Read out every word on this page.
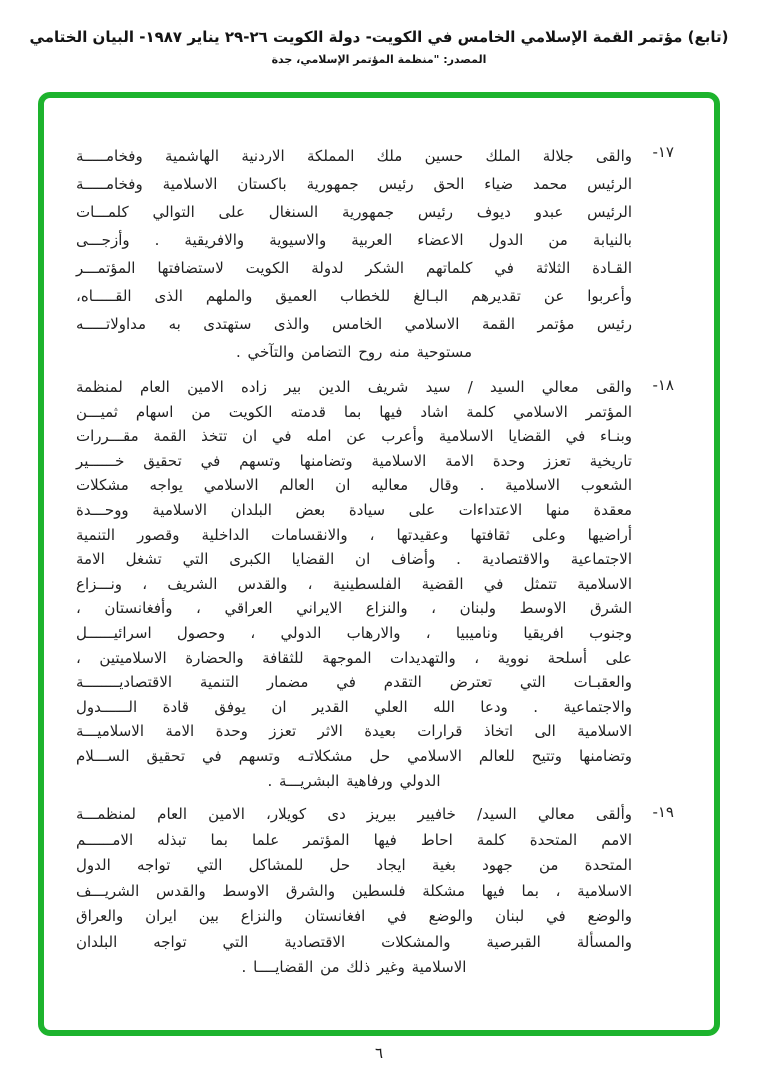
(تابع) مؤتمر القمة الإسلامي الخامس في الكويت- دولة الكويت ٢٦-٢٩ يناير ١٩٨٧- البيان الختامي
المصدر: "منظمة المؤتمر الإسلامي، جدة
١٧-
والقى جلالة الملك حسين ملك المملكة الاردنية الهاشمية وفخامـــــة
الرئيس محمد ضياء الحق رئيس جمهورية باكستان الاسلامية وفخامـــــة
الرئيس عبدو ديوف رئيس جمهورية السنغال على التوالي كلمـــات
بالنيابة من الدول الاعضاء العربية والاسيوية والافريقية . وأزجـــى
القـادة الثلاثة في كلماتهم الشكر لدولة الكويت لاستضافتها المؤتمـــر
وأعربوا عن تقديرهم البـالغ للخطاب العميق والملهم الذى القـــــاه،
رئيس مؤتمر القمة الاسلامي الخامس والذى ستهتدى به مداولاتـــــه
مستوحية منه روح التضامن والتآخي .
١٨-
والقى معالي السيد / سيد شريف الدين بير زاده الامين العام لمنظمة
المؤتمر الاسلامي كلمة اشاد فيها بما قدمته الكويت من اسهام ثميـــن
وبنـاء في القضايا الاسلامية وأعرب عن امله في ان تتخذ القمة مقـــررات
تاريخية تعزز وحدة الامة الاسلامية وتضامنها وتسهم في تحقيق خــــــير
الشعوب الاسلامية . وقال معاليه ان العالم الاسلامي يواجه مشكلات
معقدة منها الاعتداءات على سيادة بعض البلدان الاسلامية ووحـــدة
أراضيها وعلى ثقافتها وعقيدتها ، والانقسامات الداخلية وقصور التنمية
الاجتماعية والاقتصادية . وأضاف ان القضايا الكبرى التي تشغل الامة
الاسلامية تتمثل في القضية الفلسطينية ، والقدس الشريف ، ونـــزاع
الشرق الاوسط ولبنان ، والنزاع الايراني العراقي ، وأفغانستان ،
وجنوب افريقيا وناميبيا ، والارهاب الدولي ، وحصول اسرائيــــــل
على أسلحة نووية ، والتهديدات الموجهة للثقافة والحضارة الاسلاميتين ،
والعقبـات التي تعترض التقدم في مضمار التنمية الاقتصاديــــــــة
والاجتماعية . ودعا الله العلي القدير ان يوفق قادة الــــــدول
الاسلامية الى اتخاذ قرارات بعيدة الاثر تعزز وحدة الامة الاسلاميـــة
وتضامنها وتتيح للعالم الاسلامي حل مشكلاتـه وتسهم في تحقيق الســـلام
الدولي ورفاهية البشريـــة .
١٩-
وألقى معالي السيد/ خافيير بيريز دى كويلار، الامين العام لمنظمـــة
الامم المتحدة كلمة احاط فيها المؤتمر علما بما تبذله الامــــــم
المتحدة من جهود بغية ايجاد حل للمشاكل التي تواجه الدول
الاسلامية ، بما فيها مشكلة فلسطين والشرق الاوسط والقدس الشريـــف
والوضع في لبنان والوضع في افغانستان والنزاع بين ايران والعراق
والمسألة القبرصية والمشكلات الاقتصادية التي تواجه البلدان
الاسلامية وغير ذلك من القضايــــا .
٦
